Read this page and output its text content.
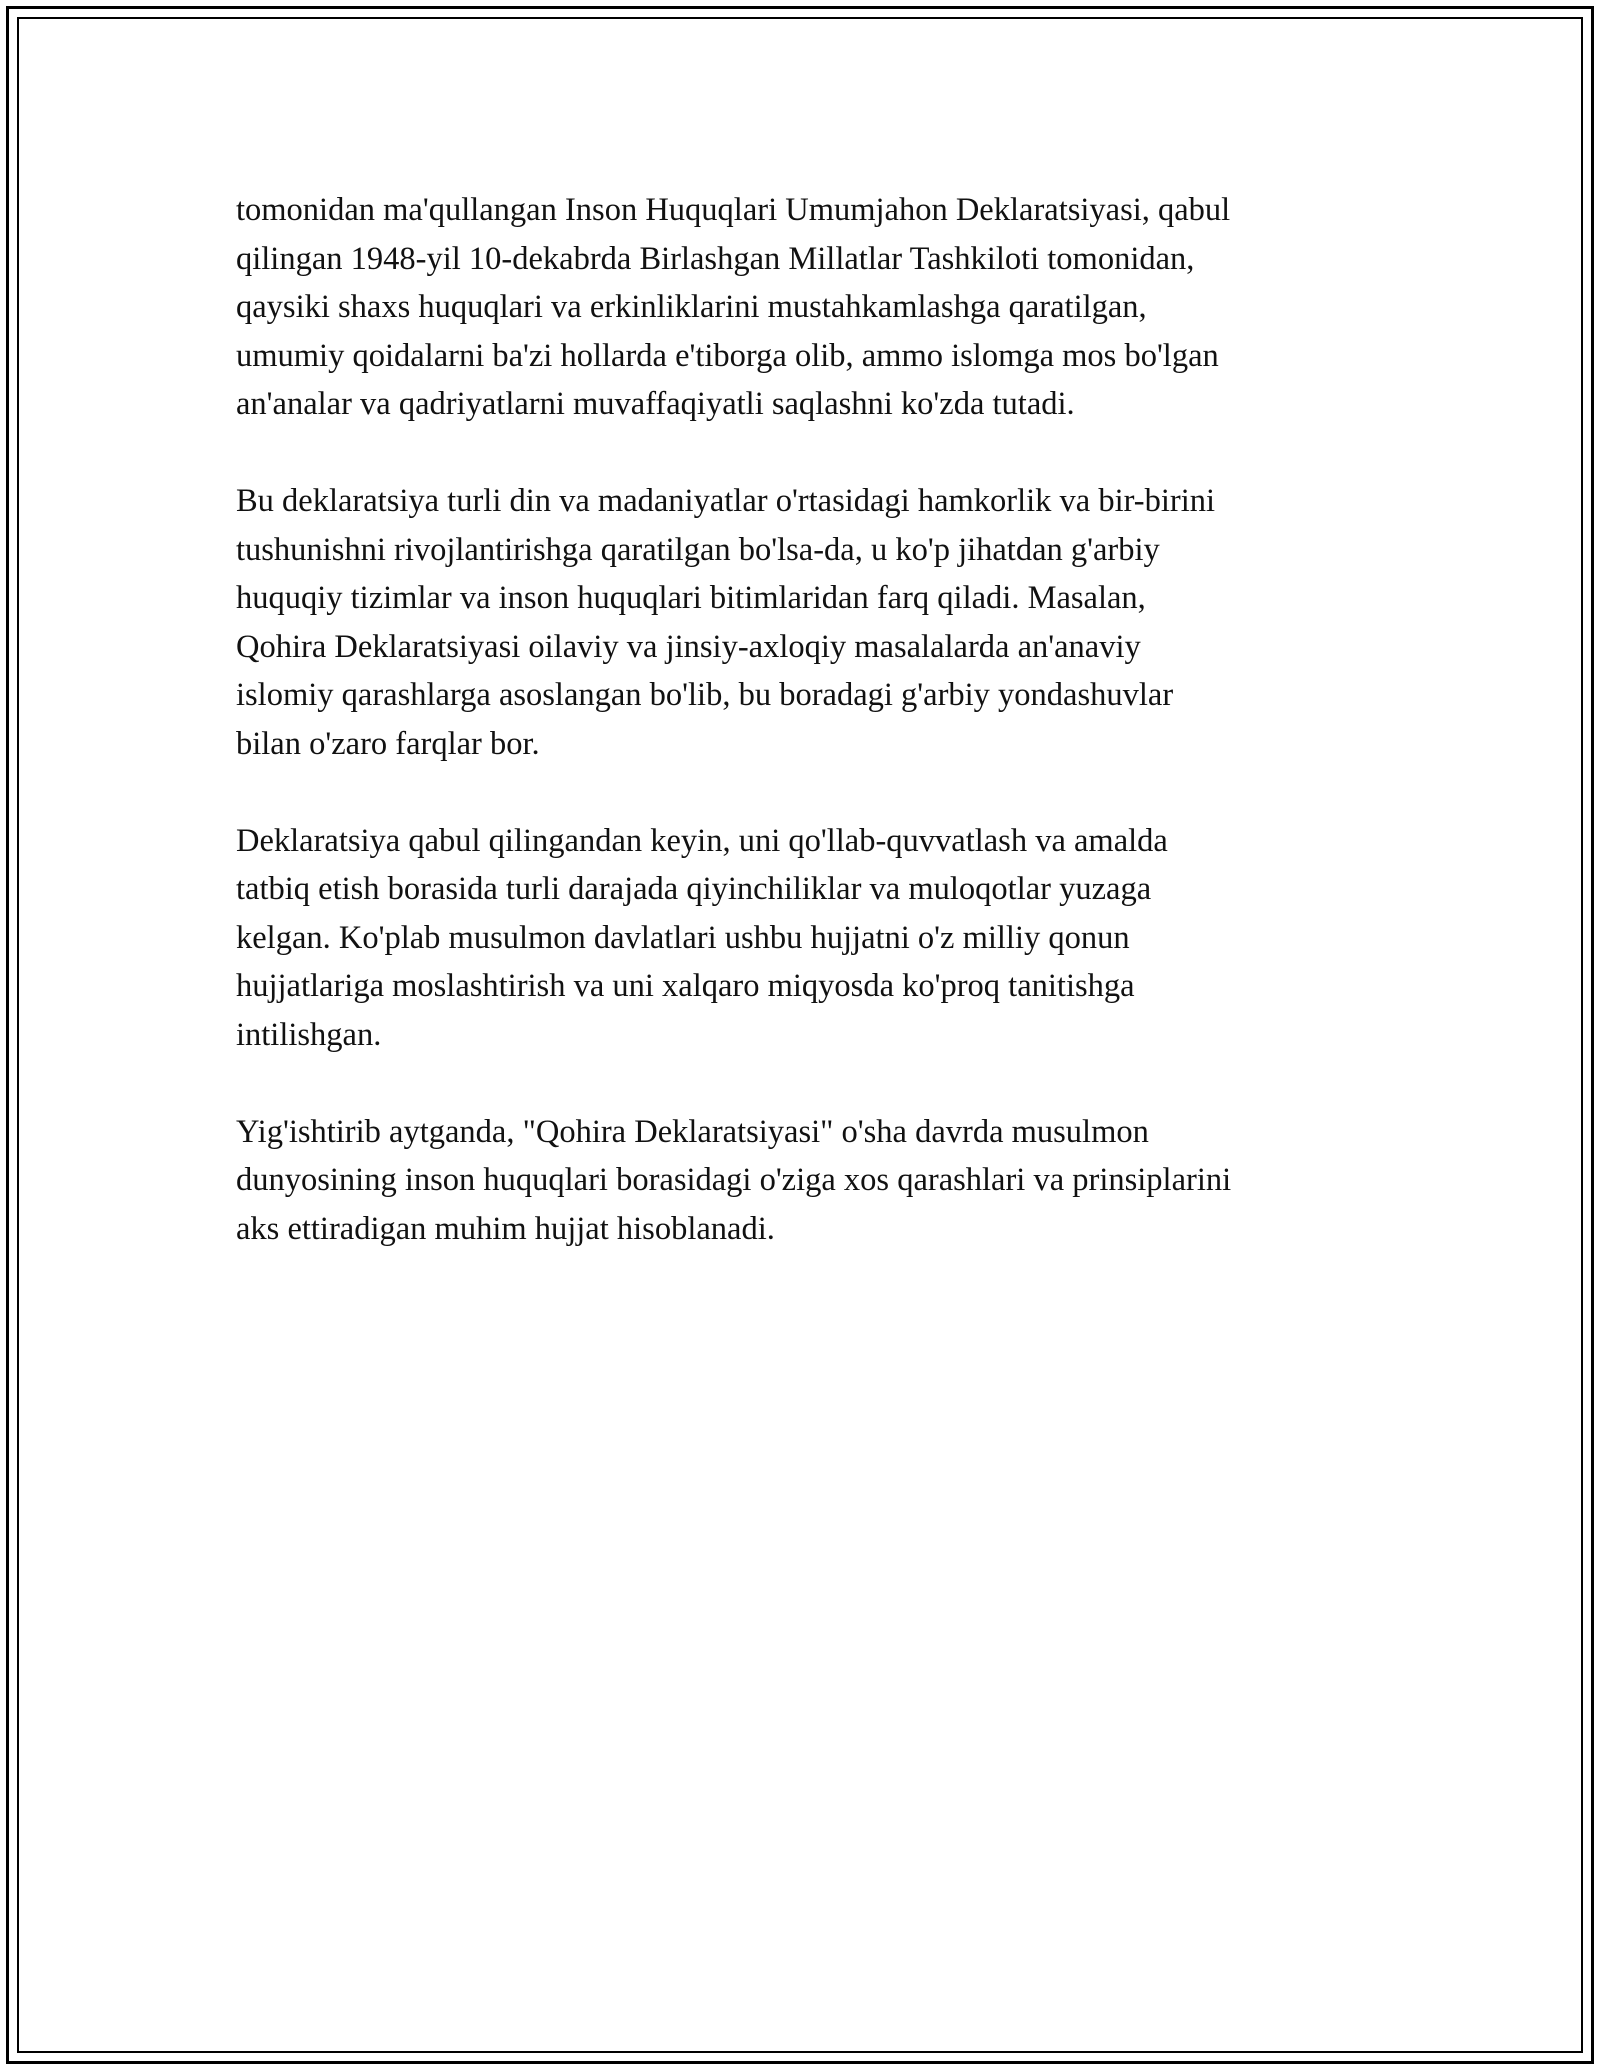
tomonidan ma'qullangan Inson Huquqlari Umumjahon Deklaratsiyasi, qabul
qilingan 1948-yil 10-dekabrda Birlashgan Millatlar Tashkiloti tomonidan,
qaysiki shaxs huquqlari va erkinliklarini mustahkamlashga qaratilgan,
umumiy qoidalarni ba'zi hollarda e'tiborga olib, ammo islomga mos bo'lgan
an'analar va qadriyatlarni muvaffaqiyatli saqlashni ko'zda tutadi.

Bu deklaratsiya turli din va madaniyatlar o'rtasidagi hamkorlik va bir-birini
tushunishni rivojlantirishga qaratilgan bo'lsa-da, u ko'p jihatdan g'arbiy
huquqiy tizimlar va inson huquqlari bitimlaridan farq qiladi. Masalan,
Qohira Deklaratsiyasi oilaviy va jinsiy-axloqiy masalalarda an'anaviy
islomiy qarashlarga asoslangan bo'lib, bu boradagi g'arbiy yondashuvlar
bilan o'zaro farqlar bor.

Deklaratsiya qabul qilingandan keyin, uni qo'llab-quvvatlash va amalda
tatbiq etish borasida turli darajada qiyinchiliklar va muloqotlar yuzaga
kelgan. Ko'plab musulmon davlatlari ushbu hujjatni o'z milliy qonun
hujjatlariga moslashtirish va uni xalqaro miqyosda ko'proq tanitishga
intilishgan.

Yig'ishtirib aytganda, "Qohira Deklaratsiyasi" o'sha davrda musulmon
dunyosining inson huquqlari borasidagi o'ziga xos qarashlari va prinsiplarini
aks ettiradigan muhim hujjat hisoblanadi.
